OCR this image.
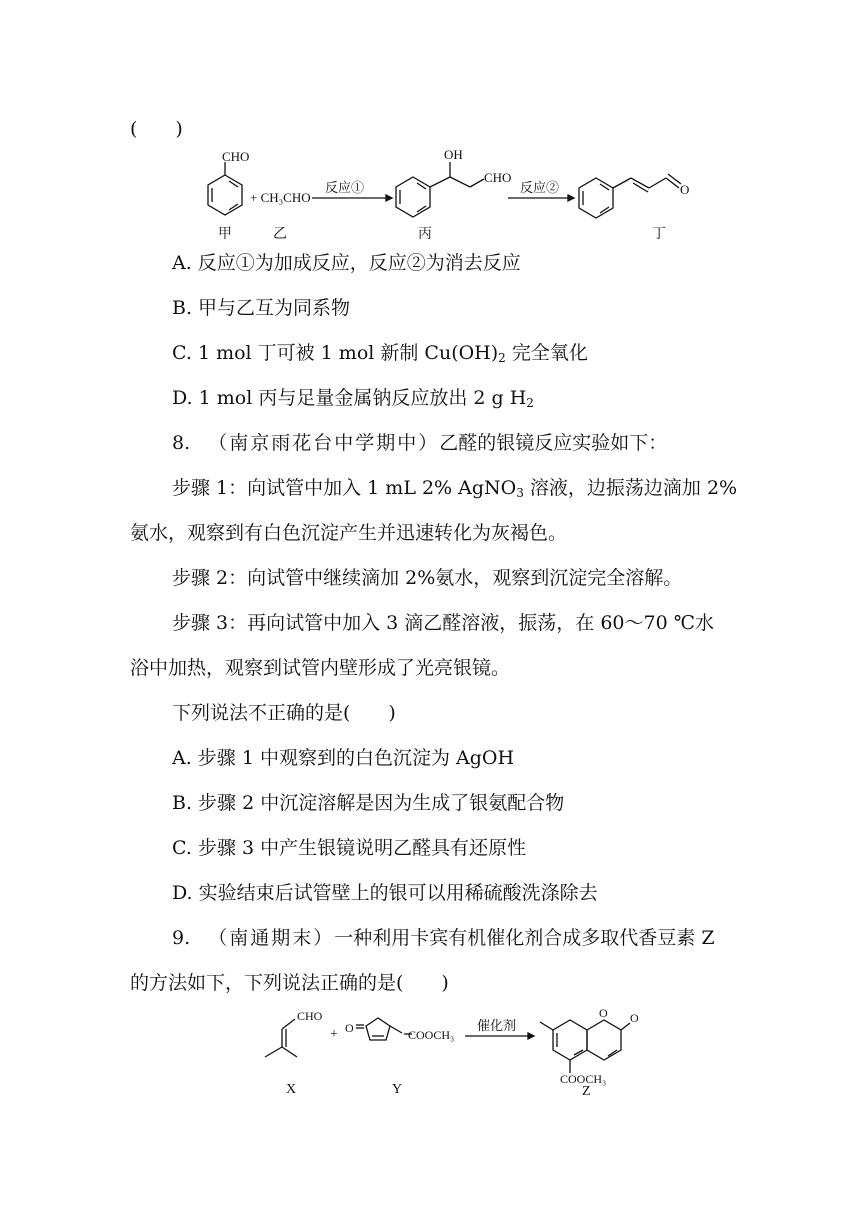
(　　)
CHO
+ CH₃CHO
反应①
OH
CHO
反应②	O
甲	乙	丙	丁
A. 反应①为加成反应，反应②为消去反应
B. 甲与乙互为同系物
C. 1 mol 丁可被 1 mol 新制 $Cu(OH)_2$ 完全氧化
D. 1 mol 丙与足量金属钠反应放出 2 g $H_2$
8. （南京雨花台中学期中）乙醛的银镜反应实验如下：
步骤 1：向试管中加入 1 mL 2% AgNO$_3$ 溶液，边振荡边滴加 2%
氨水，观察到有白色沉淀产生并迅速转化为灰褐色。
步骤 2：向试管中继续滴加 2%氨水，观察到沉淀完全溶解。
步骤 3：再向试管中加入 3 滴乙醛溶液，振荡，在 60～70 ℃水
浴中加热，观察到试管内壁形成了光亮银镜。
下列说法不正确的是(　　)
A. 步骤 1 中观察到的白色沉淀为 AgOH
B. 步骤 2 中沉淀溶解是因为生成了银氨配合物
C. 步骤 3 中产生银镜说明乙醛具有还原性
D. 实验结束后试管壁上的银可以用稀硫酸洗涤除去
9. （南通期末）一种利用卡宾有机催化剂合成多取代香豆素 Z
的方法如下，下列说法正确的是(　　)
CHO
+ O	COOCH₃
催化剂
O O
COOCH₃
X	Y	Z
